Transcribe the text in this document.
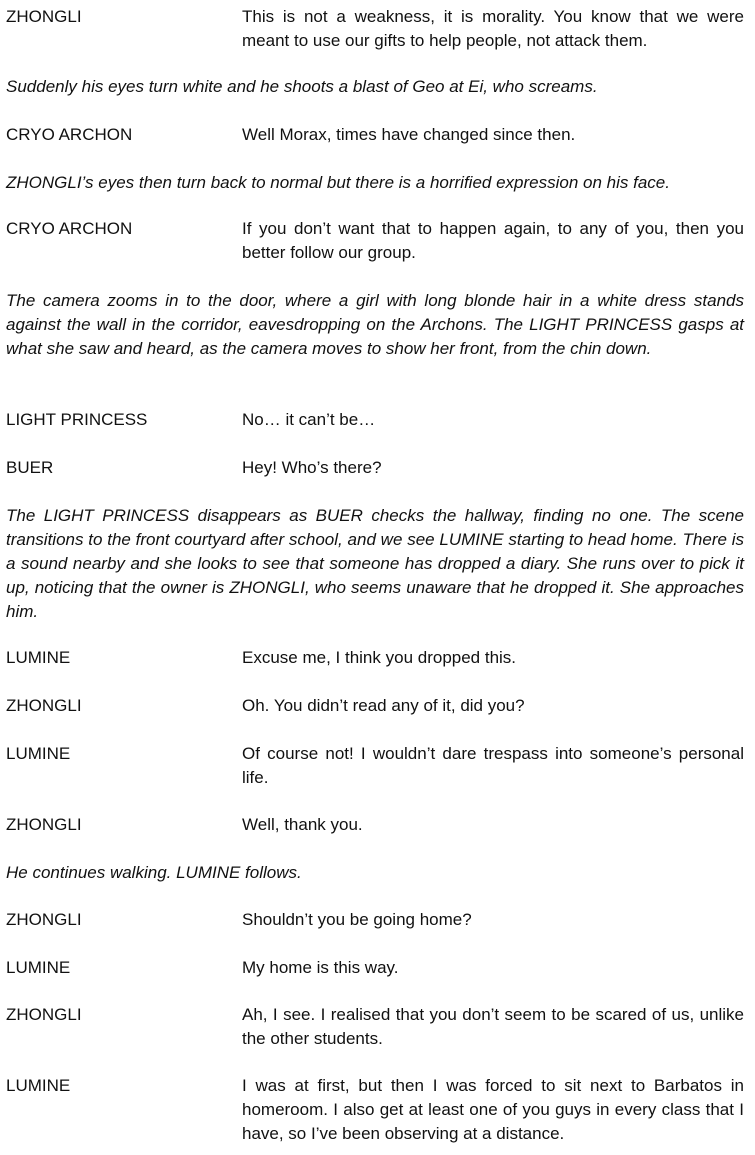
ZHONGLI	This is not a weakness, it is morality. You know that we were meant to use our gifts to help people, not attack them.
Suddenly his eyes turn white and he shoots a blast of Geo at Ei, who screams.
CRYO ARCHON	Well Morax, times have changed since then.
ZHONGLI’s eyes then turn back to normal but there is a horrified expression on his face.
CRYO ARCHON	If you don’t want that to happen again, to any of you, then you better follow our group.
The camera zooms in to the door, where a girl with long blonde hair in a white dress stands against the wall in the corridor, eavesdropping on the Archons. The LIGHT PRINCESS gasps at what she saw and heard, as the camera moves to show her front, from the chin down.
LIGHT PRINCESS	No… it can’t be…
BUER	Hey! Who’s there?
The LIGHT PRINCESS disappears as BUER checks the hallway, finding no one. The scene transitions to the front courtyard after school, and we see LUMINE starting to head home. There is a sound nearby and she looks to see that someone has dropped a diary. She runs over to pick it up, noticing that the owner is ZHONGLI, who seems unaware that he dropped it. She approaches him.
LUMINE	Excuse me, I think you dropped this.
ZHONGLI	Oh. You didn’t read any of it, did you?
LUMINE	Of course not! I wouldn’t dare trespass into someone’s personal life.
ZHONGLI	Well, thank you.
He continues walking. LUMINE follows.
ZHONGLI	Shouldn’t you be going home?
LUMINE	My home is this way.
ZHONGLI	Ah, I see. I realised that you don’t seem to be scared of us, unlike the other students.
LUMINE	I was at first, but then I was forced to sit next to Barbatos in homeroom. I also get at least one of you guys in every class that I have, so I’ve been observing at a distance.
